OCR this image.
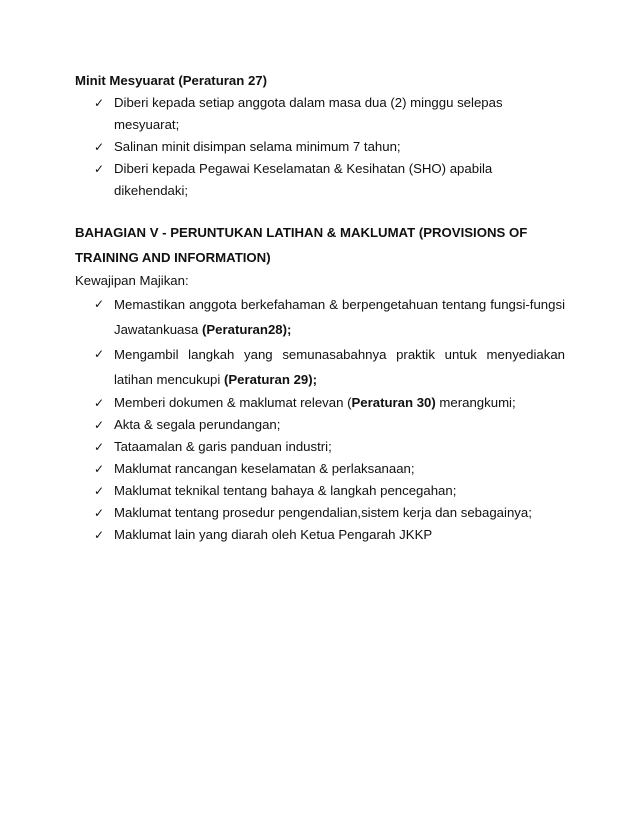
Minit Mesyuarat (Peraturan 27)

✓ Diberi kepada setiap anggota dalam masa dua (2) minggu selepas mesyuarat;
✓ Salinan minit disimpan selama minimum 7 tahun;
✓ Diberi kepada Pegawai Keselamatan & Kesihatan (SHO) apabila dikehendaki;

BAHAGIAN V - PERUNTUKAN LATIHAN & MAKLUMAT (PROVISIONS OF TRAINING AND INFORMATION)

Kewajipan Majikan:

✓ Memastikan anggota berkefahaman & berpengetahuan tentang fungsi-fungsi Jawatankuasa (Peraturan28);
✓ Mengambil langkah yang semunasabahnya praktik untuk menyediakan latihan mencukupi (Peraturan 29);
✓ Memberi dokumen & maklumat relevan (Peraturan 30) merangkumi;
✓ Akta & segala perundangan;
✓ Tataamalan & garis panduan industri;
✓ Maklumat rancangan keselamatan & perlaksanaan;
✓ Maklumat teknikal tentang bahaya & langkah pencegahan;
✓ Maklumat tentang prosedur pengendalian,sistem kerja dan sebagainya;
✓ Maklumat lain yang diarah oleh Ketua Pengarah JKKP
